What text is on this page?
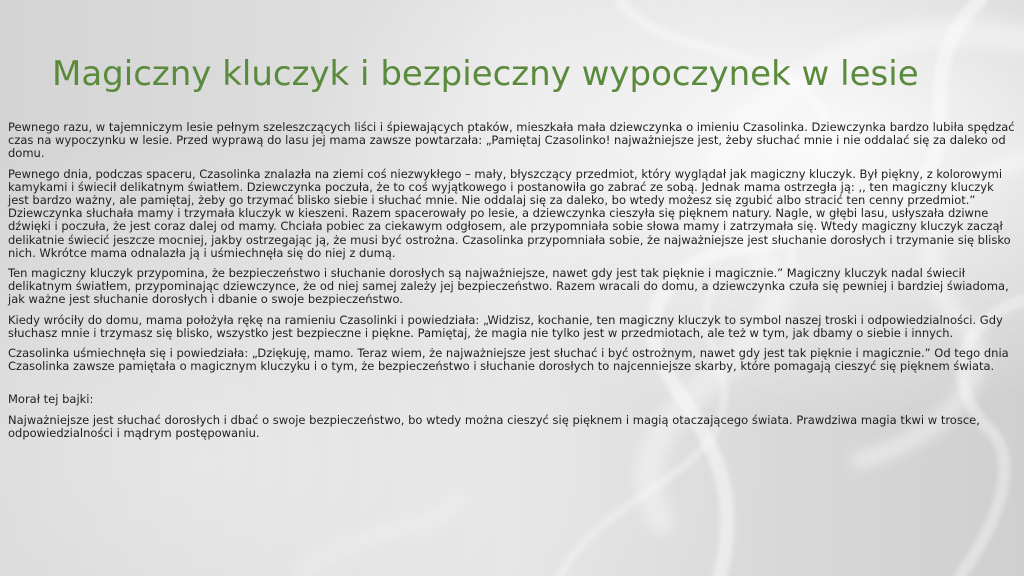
Magiczny kluczyk i bezpieczny wypoczynek w lesie

Pewnego razu, w tajemniczym lesie pełnym szeleszczących liści i śpiewających ptaków, mieszkała mała dziewczynka o imieniu Czasolinka. Dziewczynka bardzo lubiła spędzać czas na wypoczynku w lesie. Przed wyprawą do lasu jej mama zawsze powtarzała: „Pamiętaj Czasolinko! najważniejsze jest, żeby słuchać mnie i nie oddalać się za daleko od domu.

Pewnego dnia, podczas spaceru, Czasolinka znalazła na ziemi coś niezwykłego – mały, błyszczący przedmiot, który wyglądał jak magiczny kluczyk. Był piękny, z kolorowymi kamykami i świecił delikatnym światłem. Dziewczynka poczuła, że to coś wyjątkowego i postanowiła go zabrać ze sobą. Jednak mama ostrzegła ją: ,, ten magiczny kluczyk jest bardzo ważny, ale pamiętaj, żeby go trzymać blisko siebie i słuchać mnie. Nie oddalaj się za daleko, bo wtedy możesz się zgubić albo stracić ten cenny przedmiot.” Dziewczynka słuchała mamy i trzymała kluczyk w kieszeni. Razem spacerowały po lesie, a dziewczynka cieszyła się pięknem natury. Nagle, w głębi lasu, usłyszała dziwne dźwięki i poczuła, że jest coraz dalej od mamy. Chciała pobiec za ciekawym odgłosem, ale przypomniała sobie słowa mamy i zatrzymała się. Wtedy magiczny kluczyk zaczął delikatnie świecić jeszcze mocniej, jakby ostrzegając ją, że musi być ostrożna. Czasolinka przypomniała sobie, że najważniejsze jest słuchanie dorosłych i trzymanie się blisko nich. Wkrótce mama odnalazła ją i uśmiechnęła się do niej z dumą.

Ten magiczny kluczyk przypomina, że bezpieczeństwo i słuchanie dorosłych są najważniejsze, nawet gdy jest tak pięknie i magicznie.” Magiczny kluczyk nadal świecił delikatnym światłem, przypominając dziewczynce, że od niej samej zależy jej bezpieczeństwo. Razem wracali do domu, a dziewczynka czuła się pewniej i bardziej świadoma, jak ważne jest słuchanie dorosłych i dbanie o swoje bezpieczeństwo.

Kiedy wróciły do domu, mama położyła rękę na ramieniu Czasolinki i powiedziała: „Widzisz, kochanie, ten magiczny kluczyk to symbol naszej troski i odpowiedzialności. Gdy słuchasz mnie i trzymasz się blisko, wszystko jest bezpieczne i piękne. Pamiętaj, że magia nie tylko jest w przedmiotach, ale też w tym, jak dbamy o siebie i innych.

Czasolinka uśmiechnęła się i powiedziała: „Dziękuję, mamo. Teraz wiem, że najważniejsze jest słuchać i być ostrożnym, nawet gdy jest tak pięknie i magicznie.” Od tego dnia Czasolinka zawsze pamiętała o magicznym kluczyku i o tym, że bezpieczeństwo i słuchanie dorosłych to najcenniejsze skarby, które pomagają cieszyć się pięknem świata.

Morał tej bajki:

Najważniejsze jest słuchać dorosłych i dbać o swoje bezpieczeństwo, bo wtedy można cieszyć się pięknem i magią otaczającego świata. Prawdziwa magia tkwi w trosce, odpowiedzialności i mądrym postępowaniu.
